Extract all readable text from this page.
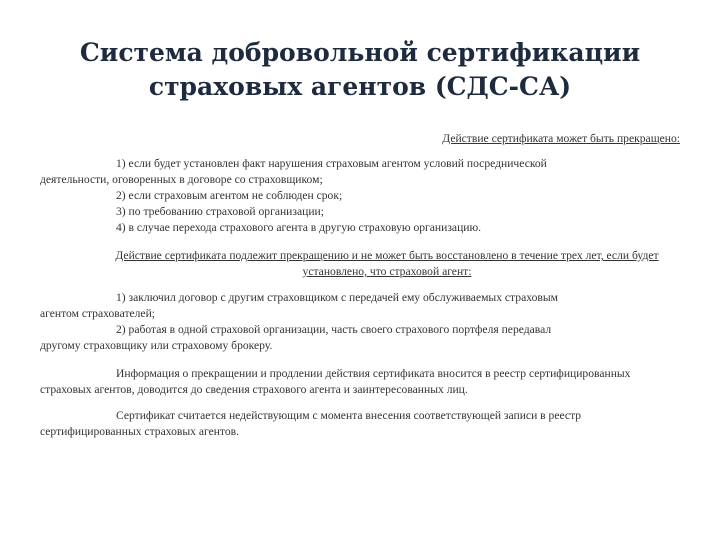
Система добровольной сертификации страховых агентов (СДС-СА)

Действие сертификата может быть прекращено:

1) если будет установлен факт нарушения страховым агентом условий посреднической

деятельности, оговоренных в договоре со страховщиком;

2) если страховым агентом не соблюден срок;

3) по требованию страховой организации;

4) в случае перехода страхового агента в другую страховую организацию.

Действие сертификата подлежит прекращению и не может быть восстановлено в течение трех лет, если будет установлено, что страховой агент:

1) заключил договор с другим страховщиком с передачей ему обслуживаемых страховым

агентом страхователей;

2) работая в одной страховой организации, часть своего страхового портфеля передавал

другому страховщику или страховому брокеру.

Информация о прекращении и продлении действия сертификата вносится в реестр сертифицированных страховых агентов, доводится до сведения страхового агента и заинтересованных лиц.

Сертификат считается недействующим с момента внесения соответствующей записи в реестр сертифицированных страховых агентов.
